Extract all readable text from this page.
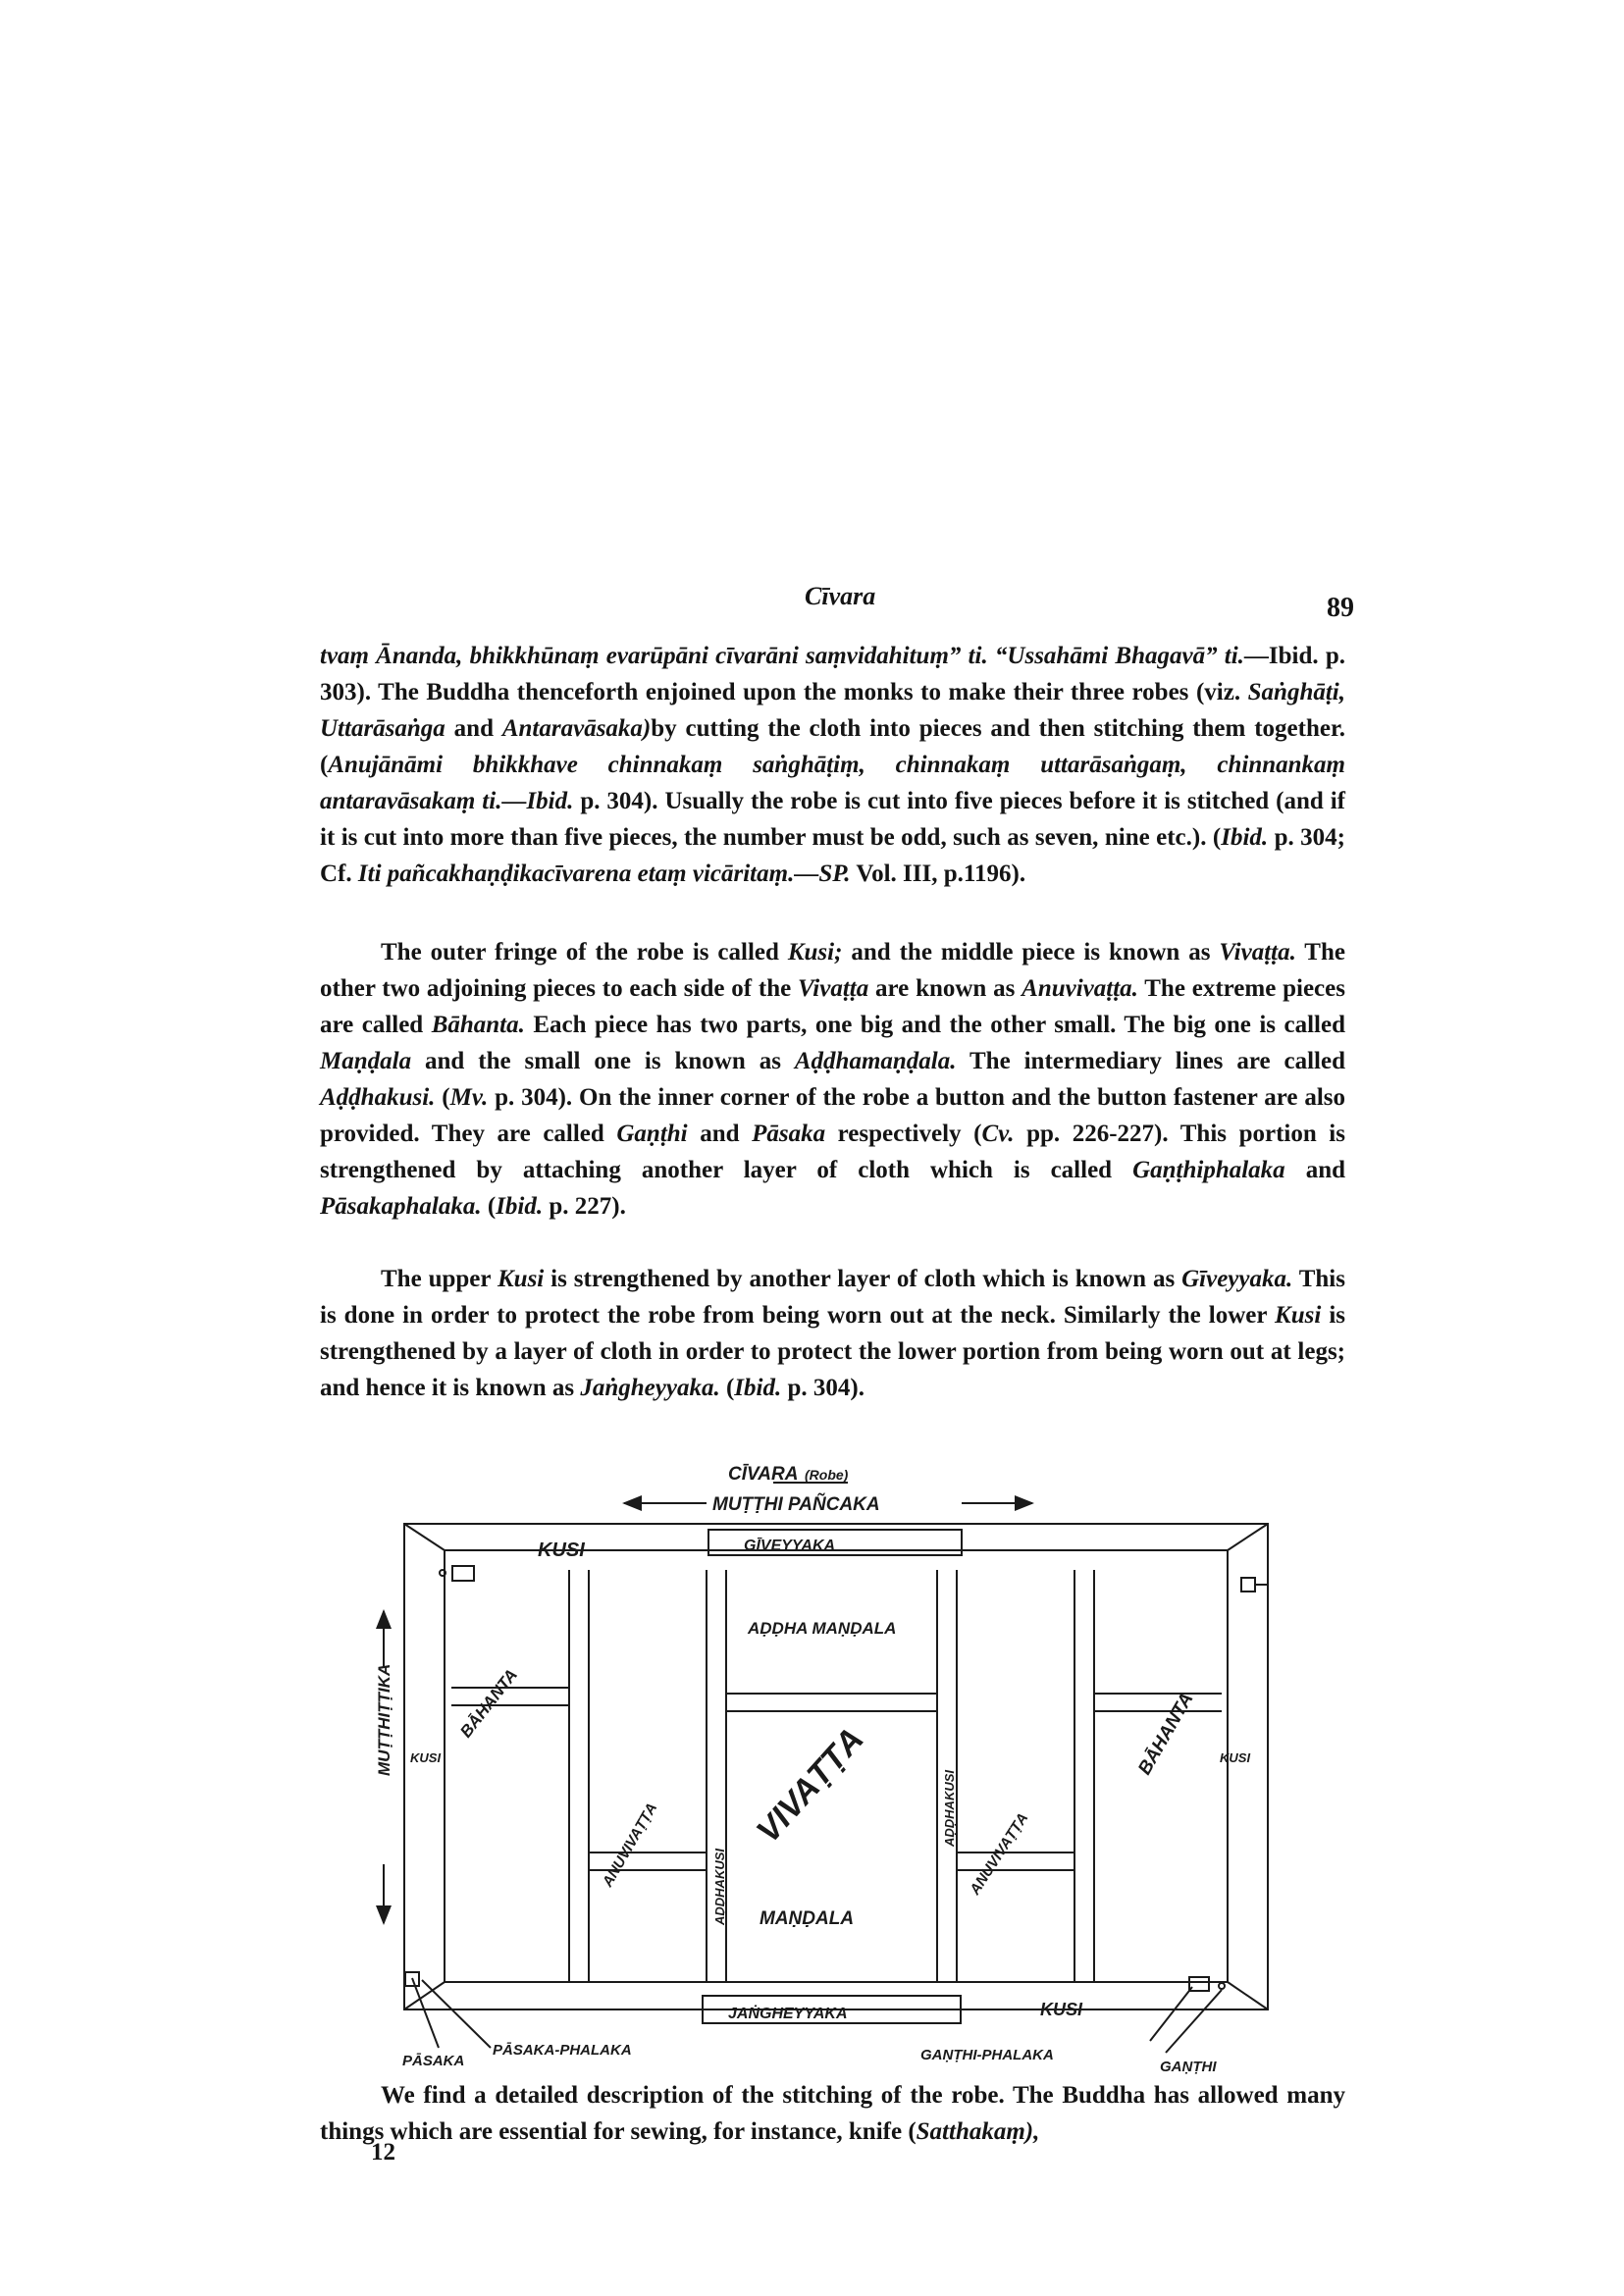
Cīvara	89

tvaṃ Ānanda, bhikkhūnaṃ evarūpāni cīvarāni saṃvidahituṃ” ti. “Ussahāmi Bhagavā” ti.—Ibid. p. 303). The Buddha thenceforth enjoined upon the monks to make their three robes (viz. Saṅghāṭi, Uttarāsaṅga and Antaravāsaka)by cutting the cloth into pieces and then stitching them together. (Anujānāmi bhikkhave chinnakaṃ saṅghāṭiṃ, chinnakaṃ uttarāsaṅgaṃ, chinnankaṃ antaravāsakaṃ ti.—Ibid. p. 304). Usually the robe is cut into five pieces before it is stitched (and if it is cut into more than five pieces, the number must be odd, such as seven, nine etc.). (Ibid. p. 304; Cf. Iti pañcakhaṇḍikacīvarena etaṃ vicāritaṃ.—SP. Vol. III, p.1196).

The outer fringe of the robe is called Kusi; and the middle piece is known as Vivaṭṭa. The other two adjoining pieces to each side of the Vivaṭṭa are known as Anuvivaṭṭa. The extreme pieces are called Bāhanta. Each piece has two parts, one big and the other small. The big one is called Maṇḍala and the small one is known as Aḍḍhamaṇḍala. The intermediary lines are called Aḍḍhakusi. (Mv. p. 304). On the inner corner of the robe a button and the button fastener are also provided. They are called Gaṇṭhi and Pāsaka respectively (Cv. pp. 226-227). This portion is strengthened by attaching another layer of cloth which is called Gaṇṭhiphalaka and Pāsakaphalaka. (Ibid. p. 227).

The upper Kusi is strengthened by another layer of cloth which is known as Gīveyyaka. This is done in order to protect the robe from being worn out at the neck. Similarly the lower Kusi is strengthened by a layer of cloth in order to protect the lower portion from being worn out at legs; and hence it is known as Jaṅgheyyaka. (Ibid. p. 304).

CĪVARA (Robe)
MUṬṬHI PAÑCAKA
KUSI	GĪVEYYAKA
AḌḌHA MAṆḌALA
KUSI	KUSI
MUṬṬHIṬṬIKA	BĀHANTA	BĀHANTA
ANUVIVAṬṬA	ANUVIVAṬṬA
VIVAṬṬA
AḌḌHAKUSI
AḌḌHAKUSI
MAṆḌALA
JAṄGHEYYAKA	KUSI
PĀSAKA
PĀSAKA-PHALAKA	GAṆṬHI-PHALAKA
GAṆṬHI

We find a detailed description of the stitching of the robe. The Buddha has allowed many things which are essential for sewing, for instance, knife (Satthakaṃ),

12
